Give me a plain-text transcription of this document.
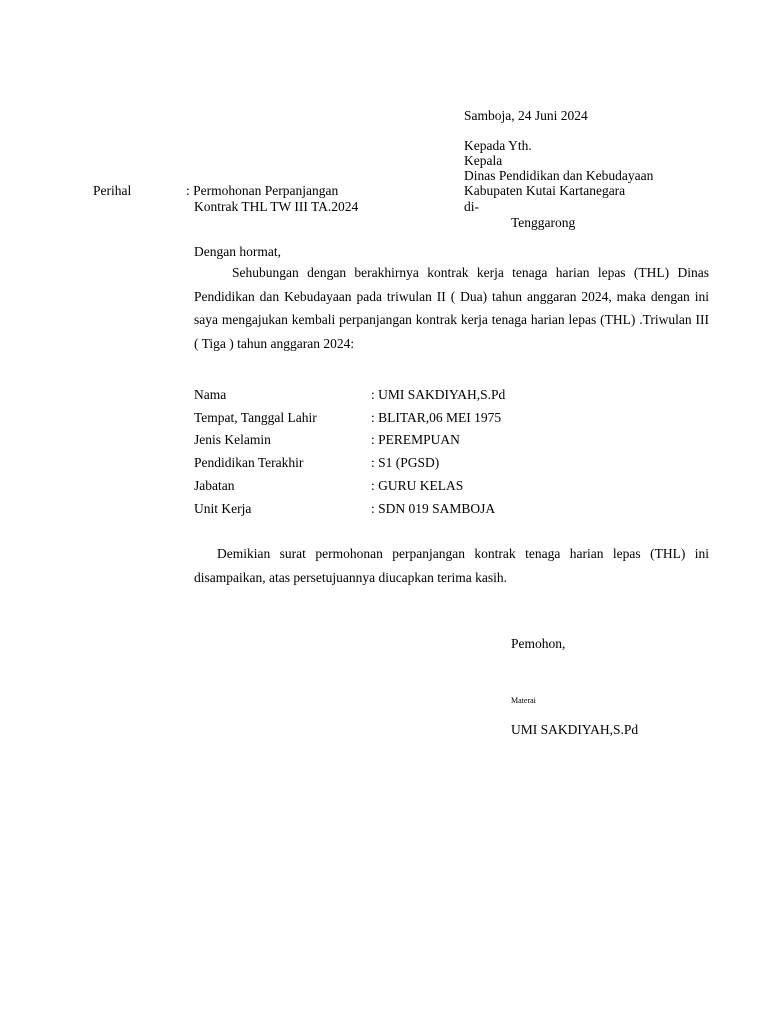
Samboja, 24 Juni 2024
Kepada Yth.
Kepala
Dinas Pendidikan dan Kebudayaan
Kabupaten Kutai Kartanegara
di-
Tenggarong
Perihal	: Permohonan Perpanjangan
Kontrak THL TW III TA.2024
Dengan hormat,

Sehubungan dengan berakhirnya kontrak kerja tenaga harian lepas (THL) Dinas Pendidikan dan Kebudayaan pada triwulan II ( Dua) tahun anggaran 2024, maka dengan ini saya mengajukan kembali perpanjangan kontrak kerja tenaga harian lepas (THL) .Triwulan III ( Tiga ) tahun anggaran 2024:

Nama	: UMI SAKDIYAH,S.Pd
Tempat, Tanggal Lahir	: BLITAR,06 MEI 1975
Jenis Kelamin	: PEREMPUAN
Pendidikan Terakhir	: S1 (PGSD)
Jabatan	: GURU KELAS
Unit Kerja	: SDN 019 SAMBOJA

Demikian surat permohonan perpanjangan kontrak tenaga harian lepas (THL) ini disampaikan, atas persetujuannya diucapkan terima kasih.

Pemohon,
Materai
UMI SAKDIYAH,S.Pd
